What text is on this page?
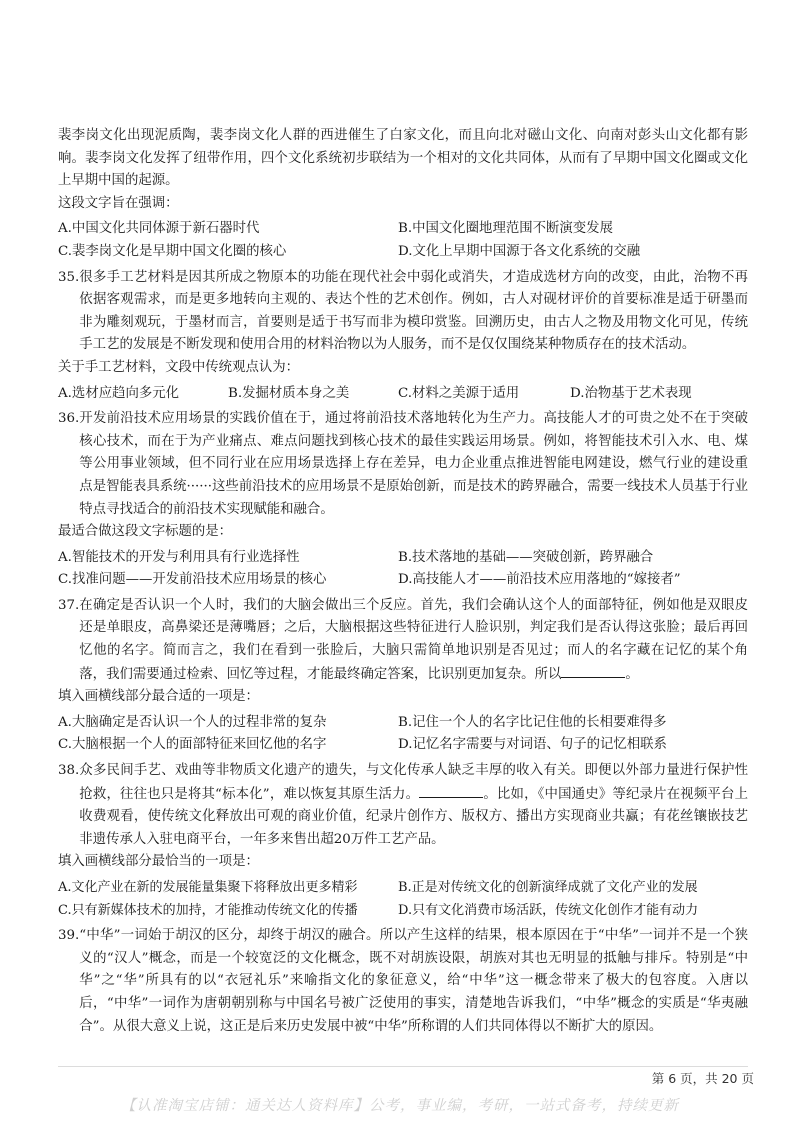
裴李岗文化出现泥质陶，裴李岗文化人群的西进催生了白家文化，而且向北对磁山文化、向南对彭头山文化都有影响。裴李岗文化发挥了纽带作用，四个文化系统初步联结为一个相对的文化共同体，从而有了早期中国文化圈或文化上早期中国的起源。

这段文字旨在强调：

A.中国文化共同体源于新石器时代	B.中国文化圈地理范围不断演变发展
C.裴李岗文化是早期中国文化圈的核心	D.文化上早期中国源于各文化系统的交融
35. 很多手工艺材料是因其所成之物原本的功能在现代社会中弱化或消失，才造成选材方向的改变，由此，治物不再依据客观需求，而是更多地转向主观的、表达个性的艺术创作。例如，古人对砚材评价的首要标准是适于研墨而非为雕刻观玩，于墨材而言，首要则是适于书写而非为模印赏鉴。回溯历史，由古人之物及用物文化可见，传统手工艺的发展是不断发现和使用合用的材料治物以为人服务，而不是仅仅围绕某种物质存在的技术活动。

关于手工艺材料，文段中传统观点认为：

A.选材应趋向多元化	B.发掘材质本身之美	C.材料之美源于适用	D.治物基于艺术表现
36. 开发前沿技术应用场景的实践价值在于，通过将前沿技术落地转化为生产力。高技能人才的可贵之处不在于突破核心技术，而在于为产业痛点、难点问题找到核心技术的最佳实践运用场景。例如，将智能技术引入水、电、煤等公用事业领域，但不同行业在应用场景选择上存在差异，电力企业重点推进智能电网建设，燃气行业的建设重点是智能表具系统······这些前沿技术的应用场景不是原始创新，而是技术的跨界融合，需要一线技术人员基于行业特点寻找适合的前沿技术实现赋能和融合。

最适合做这段文字标题的是：

A.智能技术的开发与利用具有行业选择性	B.技术落地的基础——突破创新，跨界融合
C.找准问题——开发前沿技术应用场景的核心	D.高技能人才——前沿技术应用落地的“嫁接者”
37. 在确定是否认识一个人时，我们的大脑会做出三个反应。首先，我们会确认这个人的面部特征，例如他是双眼皮还是单眼皮，高鼻梁还是薄嘴唇；之后，大脑根据这些特征进行人脸识别，判定我们是否认得这张脸；最后再回忆他的名字。简而言之，我们在看到一张脸后，大脑只需简单地识别是否见过；而人的名字藏在记忆的某个角落，我们需要通过检索、回忆等过程，才能最终确定答案，比识别更加复杂。所以	。

填入画横线部分最合适的一项是：

A.大脑确定是否认识一个人的过程非常的复杂	B.记住一个人的名字比记住他的长相要难得多
C.大脑根据一个人的面部特征来回忆他的名字	D.记忆名字需要与对词语、句子的记忆相联系
38. 众多民间手艺、戏曲等非物质文化遗产的遗失，与文化传承人缺乏丰厚的收入有关。即便以外部力量进行保护性抢救，往往也只是将其“标本化”，难以恢复其原生活力。	。比如，《中国通史》等纪录片在视频平台上收费观看，使传统文化释放出可观的商业价值，纪录片创作方、版权方、播出方实现商业共赢；有花丝镶嵌技艺非遗传承人入驻电商平台，一年多来售出超20万件工艺产品。

填入画横线部分最恰当的一项是：

A.文化产业在新的发展能量集聚下将释放出更多精彩	B.正是对传统文化的创新演绎成就了文化产业的发展
C.只有新媒体技术的加持，才能推动传统文化的传播	D.只有文化消费市场活跃，传统文化创作才能有动力
39. “中华”一词始于胡汉的区分，却终于胡汉的融合。所以产生这样的结果，根本原因在于“中华”一词并不是一个狭义的“汉人”概念，而是一个较宽泛的文化概念，既不对胡族设限，胡族对其也无明显的抵触与排斥。特别是“中华”之“华”所具有的以“衣冠礼乐”来喻指文化的象征意义，给“中华”这一概念带来了极大的包容度。入唐以后，“中华”一词作为唐朝朝别称与中国名号被广泛使用的事实，清楚地告诉我们，“中华”概念的实质是“华夷融合”。从很大意义上说，这正是后来历史发展中被“中华”所称谓的人们共同体得以不断扩大的原因。
第 6 页，共 20 页
【认准淘宝店铺：通关达人资料库】公考，事业编，考研，一站式备考，持续更新
